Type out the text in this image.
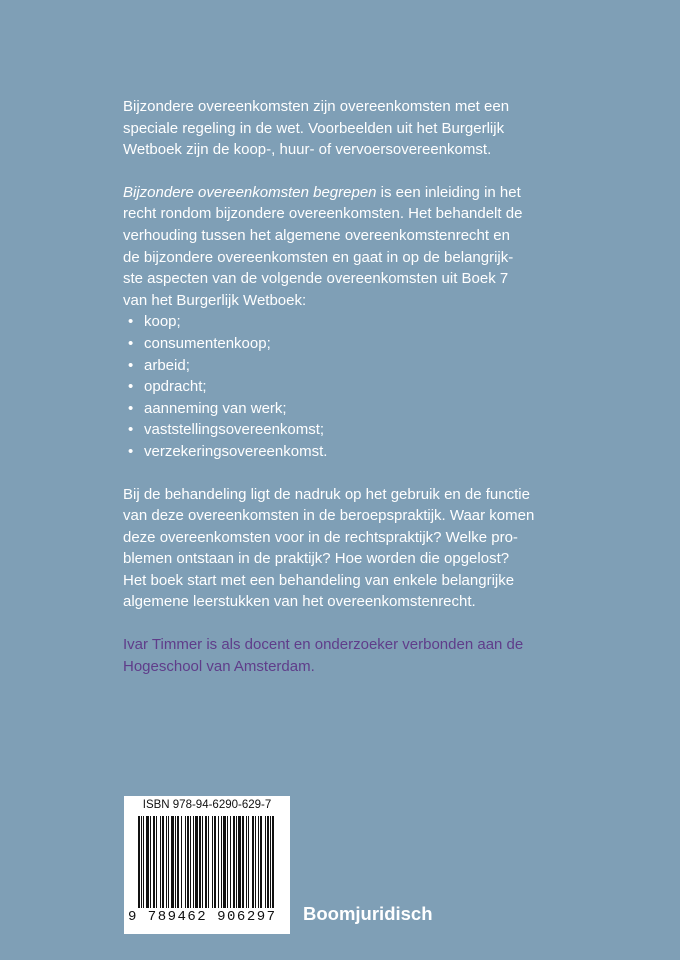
Bijzondere overeenkomsten zijn overeenkomsten met een
speciale regeling in de wet. Voorbeelden uit het Burgerlijk
Wetboek zijn de koop-, huur- of vervoersovereenkomst.

Bijzondere overeenkomsten begrepen is een inleiding in het
recht rondom bijzondere overeenkomsten. Het behandelt de
verhouding tussen het algemene overeenkomstenrecht en
de bijzondere overeenkomsten en gaat in op de belangrijk-
ste aspecten van de volgende overeenkomsten uit Boek 7
van het Burgerlijk Wetboek:

• koop;
• consumentenkoop;
• arbeid;
• opdracht;
• aanneming van werk;
• vaststellingsovereenkomst;
• verzekeringsovereenkomst.

Bij de behandeling ligt de nadruk op het gebruik en de functie
van deze overeenkomsten in de beroepspraktijk. Waar komen
deze overeenkomsten voor in de rechtspraktijk? Welke pro-
blemen ontstaan in de praktijk? Hoe worden die opgelost?
Het boek start met een behandeling van enkele belangrijke
algemene leerstukken van het overeenkomstenrecht.

Ivar Timmer is als docent en onderzoeker verbonden aan de
Hogeschool van Amsterdam.

ISBN 978-94-6290-629-7
9 789462 906297	Boomjuridisch
